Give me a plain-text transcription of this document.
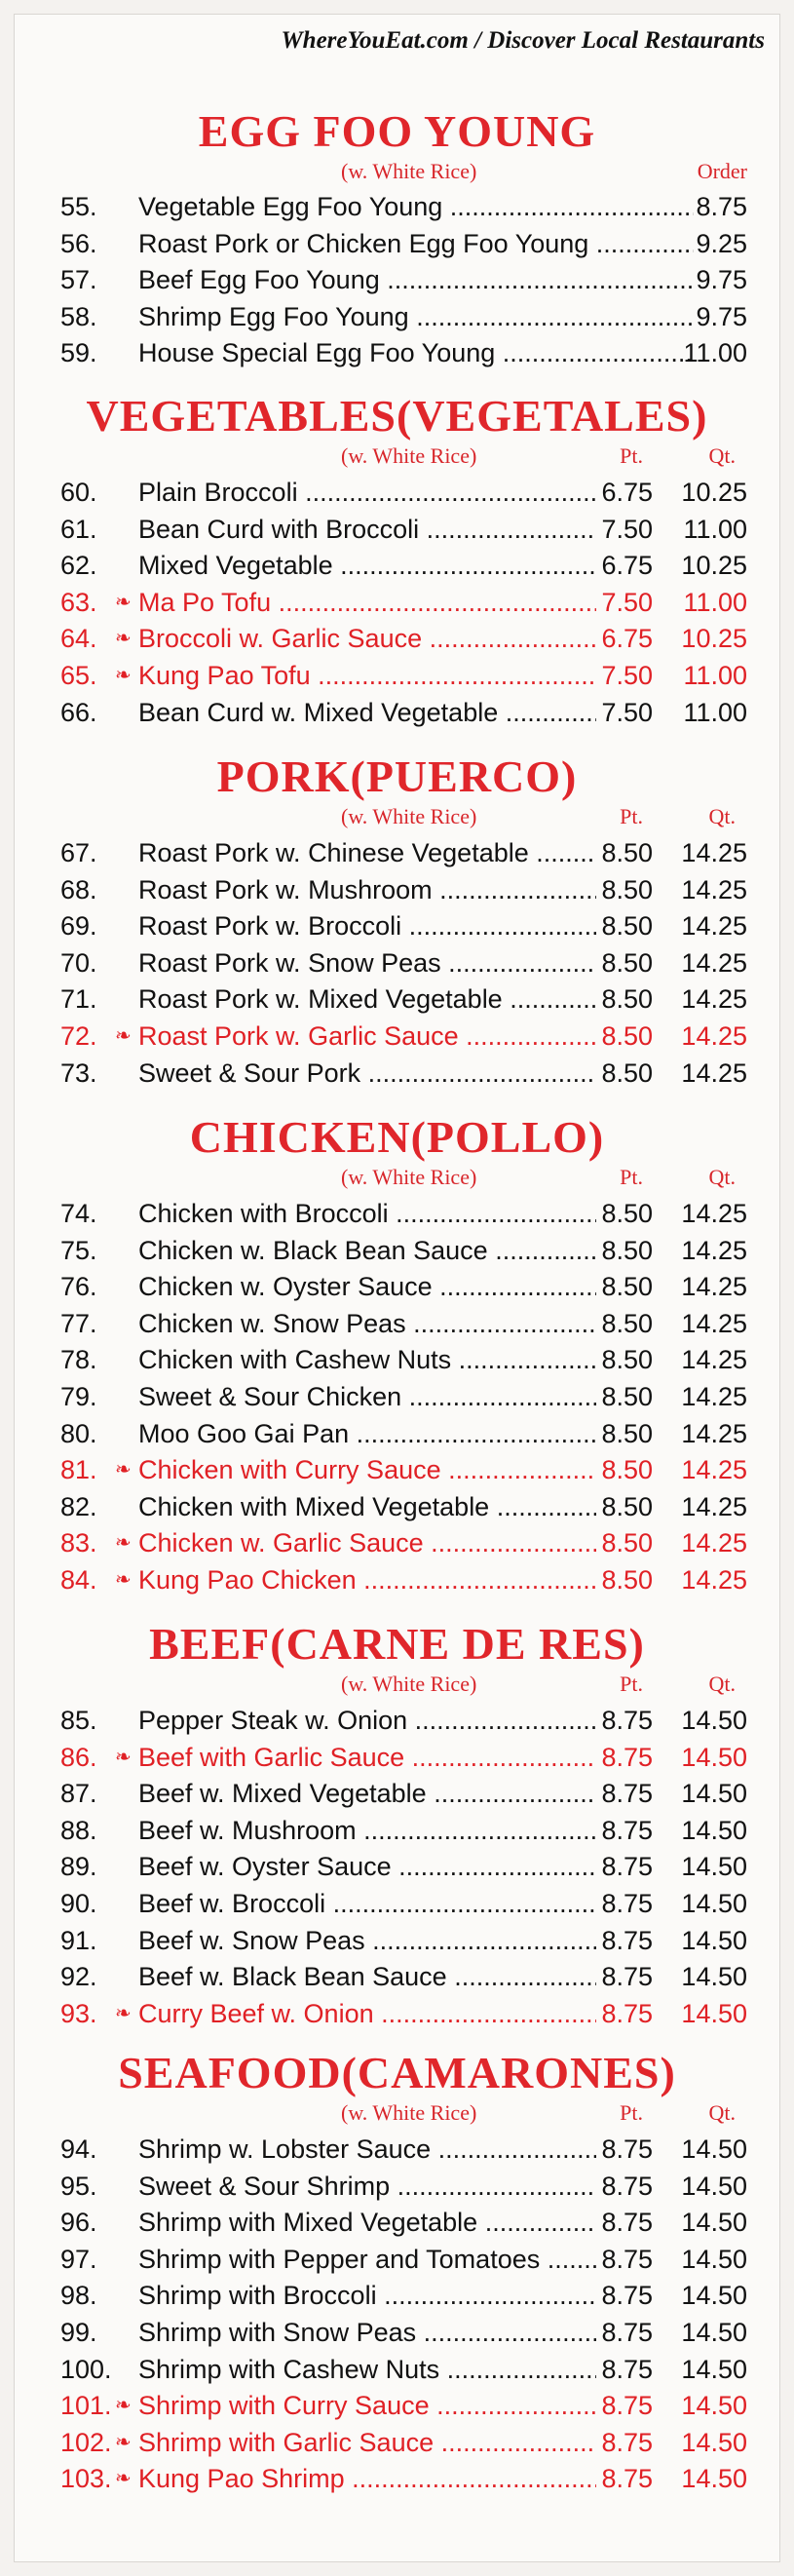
WhereYouEat.com / Discover Local Restaurants
EGG FOO YOUNG
(w. White Rice)	Order
55. Vegetable Egg Foo Young .....	8.75
56. Roast Pork or Chicken Egg Foo Young .....	9.25
57. Beef Egg Foo Young .....	9.75
58. Shrimp Egg Foo Young .....	9.75
59. House Special Egg Foo Young .....	11.00
VEGETABLES(VEGETALES)
(w. White Rice)	Pt.	Qt.
60. Plain Broccoli .....	6.75 10.25
61. Bean Curd with Broccoli .....	7.50 11.00
62. Mixed Vegetable .....	6.75 10.25
63. ❧ Ma Po Tofu .....	7.50 11.00
64. ❧ Broccoli w. Garlic Sauce .....	6.75 10.25
65. ❧ Kung Pao Tofu .....	7.50 11.00
66. Bean Curd w. Mixed Vegetable .....	7.50 11.00
PORK(PUERCO)
(w. White Rice)	Pt.	Qt.
67. Roast Pork w. Chinese Vegetable .....	8.50 14.25
68. Roast Pork w. Mushroom .....	8.50 14.25
69. Roast Pork w. Broccoli .....	8.50 14.25
70. Roast Pork w. Snow Peas .....	8.50 14.25
71. Roast Pork w. Mixed Vegetable .....	8.50 14.25
72. ❧ Roast Pork w. Garlic Sauce .....	8.50 14.25
73. Sweet & Sour Pork .....	8.50 14.25
CHICKEN(POLLO)
(w. White Rice)	Pt.	Qt.
74. Chicken with Broccoli .....	8.50 14.25
75. Chicken w. Black Bean Sauce .....	8.50 14.25
76. Chicken w. Oyster Sauce .....	8.50 14.25
77. Chicken w. Snow Peas .....	8.50 14.25
78. Chicken with Cashew Nuts .....	8.50 14.25
79. Sweet & Sour Chicken .....	8.50 14.25
80. Moo Goo Gai Pan .....	8.50 14.25
81. ❧ Chicken with Curry Sauce .....	8.50 14.25
82. Chicken with Mixed Vegetable .....	8.50 14.25
83. ❧ Chicken w. Garlic Sauce .....	8.50 14.25
84. ❧ Kung Pao Chicken .....	8.50 14.25
BEEF(CARNE DE RES)
(w. White Rice)	Pt.	Qt.
85. Pepper Steak w. Onion .....	8.75 14.50
86. ❧ Beef with Garlic Sauce .....	8.75 14.50
87. Beef w. Mixed Vegetable .....	8.75 14.50
88. Beef w. Mushroom .....	8.75 14.50
89. Beef w. Oyster Sauce .....	8.75 14.50
90. Beef w. Broccoli .....	8.75 14.50
91. Beef w. Snow Peas .....	8.75 14.50
92. Beef w. Black Bean Sauce .....	8.75 14.50
93. ❧ Curry Beef w. Onion .....	8.75 14.50
SEAFOOD(CAMARONES)
(w. White Rice)	Pt.	Qt.
94. Shrimp w. Lobster Sauce .....	8.75 14.50
95. Sweet & Sour Shrimp .....	8.75 14.50
96. Shrimp with Mixed Vegetable .....	8.75 14.50
97. Shrimp with Pepper and Tomatoes .....	8.75 14.50
98. Shrimp with Broccoli .....	8.75 14.50
99. Shrimp with Snow Peas .....	8.75 14.50
100. Shrimp with Cashew Nuts .....	8.75 14.50
101. ❧ Shrimp with Curry Sauce .....	8.75 14.50
102. ❧ Shrimp with Garlic Sauce .....	8.75 14.50
103. ❧ Kung Pao Shrimp .....	8.75 14.50
